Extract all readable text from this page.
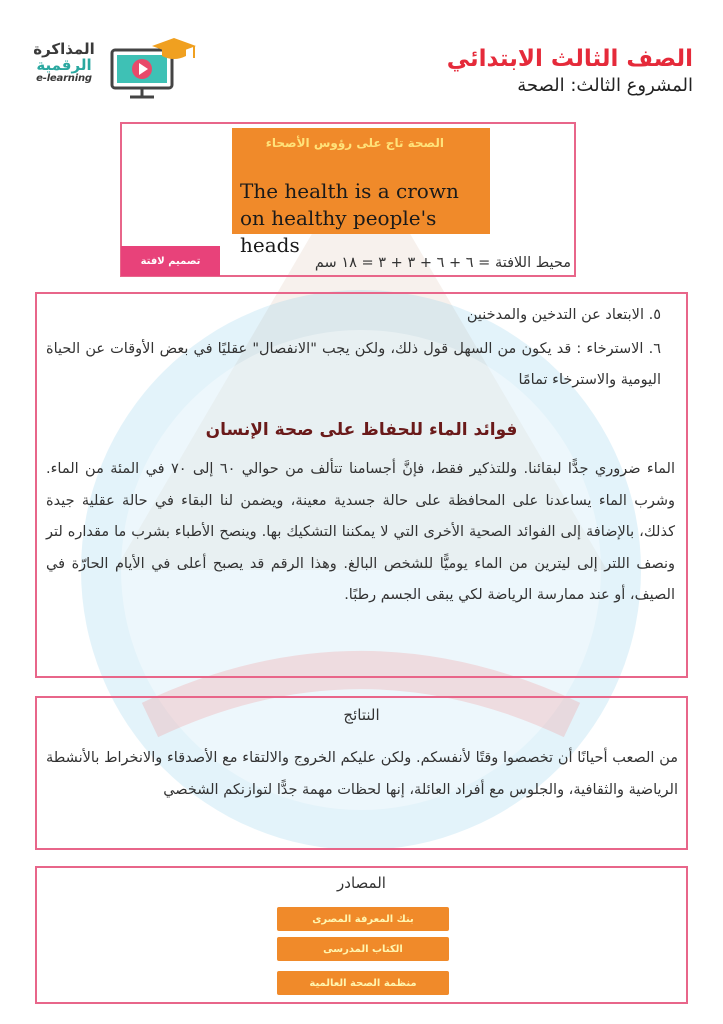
المذاكرة
الرقمية
e-learning
الصف الثالث الابتدائي
المشروع الثالث: الصحة
الصحة تاج على رؤوس الأصحاء
The health is a crown on healthy people's heads
تصميم لافتة	محيط اللافتة = ٦ + ٦ + ٣ + ٣ = ١٨ سم
٥. الابتعاد عن التدخين والمدخنين
٦. الاسترخاء : قد يكون من السهل قول ذلك، ولكن يجب "الانفصال" عقليًا في بعض الأوقات عن الحياة اليومية والاسترخاء تمامًا
فوائد الماء للحفاظ على صحة الإنسان
الماء ضروري جدًّا لبقائنا. وللتذكير فقط، فإنَّ أجسامنا تتألف من حوالي ٦٠ إلى ٧٠ في المئة من الماء. وشرب الماء يساعدنا على المحافظة على حالة جسدية معينة، ويضمن لنا البقاء في حالة عقلية جيدة كذلك، بالإضافة إلى الفوائد الصحية الأخرى التي لا يمكننا التشكيك بها. وينصح الأطباء بشرب ما مقداره لتر ونصف اللتر إلى ليترين من الماء يوميًّا للشخص البالغ. وهذا الرقم قد يصبح أعلى في الأيام الحارّة في الصيف، أو عند ممارسة الرياضة لكي يبقى الجسم رطبًا.
النتائج
من الصعب أحيانًا أن تخصصوا وقتًا لأنفسكم. ولكن عليكم الخروج والالتقاء مع الأصدقاء والانخراط بالأنشطة الرياضية والثقافية، والجلوس مع أفراد العائلة، إنها لحظات مهمة جدًّا لتوازنكم الشخصي
المصادر
بنك المعرفة المصرى
الكتاب المدرسى
منظمة الصحة العالمية
